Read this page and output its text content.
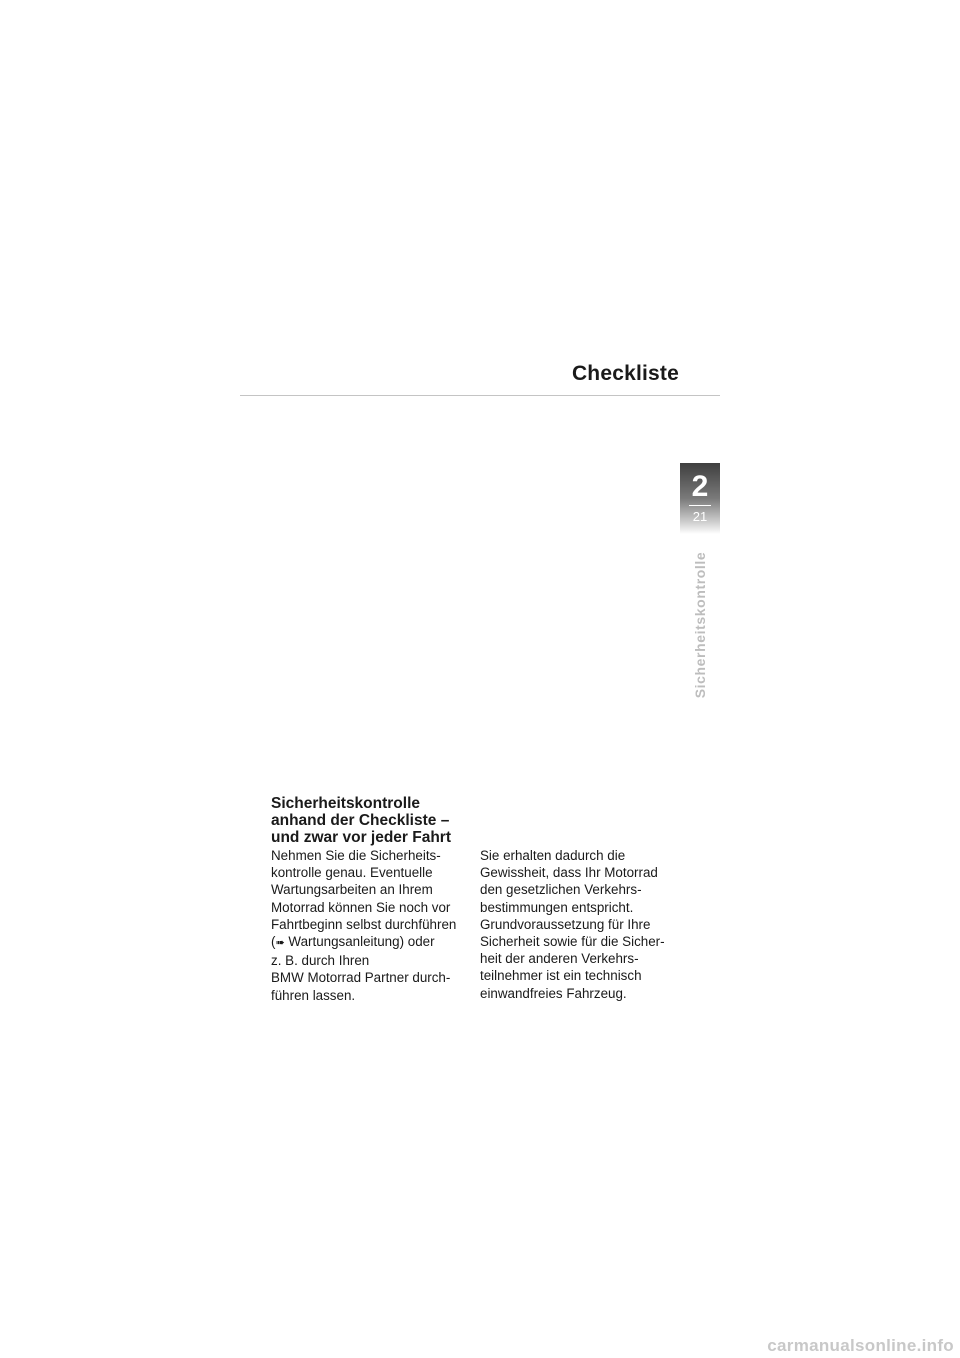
Checkliste
2
21
Sicherheitskontrolle
Sicherheitskontrolle
anhand der Checkliste –
und zwar vor jeder Fahrt

Nehmen Sie die Sicherheits-
kontrolle genau. Eventuelle
Wartungsarbeiten an Ihrem
Motorrad können Sie noch vor
Fahrtbeginn selbst durchführen
(➠ Wartungsanleitung) oder
z. B. durch Ihren
BMW Motorrad Partner durch-
führen lassen.

Sie erhalten dadurch die
Gewissheit, dass Ihr Motorrad
den gesetzlichen Verkehrs-
bestimmungen entspricht.
Grundvoraussetzung für Ihre
Sicherheit sowie für die Sicher-
heit der anderen Verkehrs-
teilnehmer ist ein technisch
einwandfreies Fahrzeug.

carmanualsonline.info
